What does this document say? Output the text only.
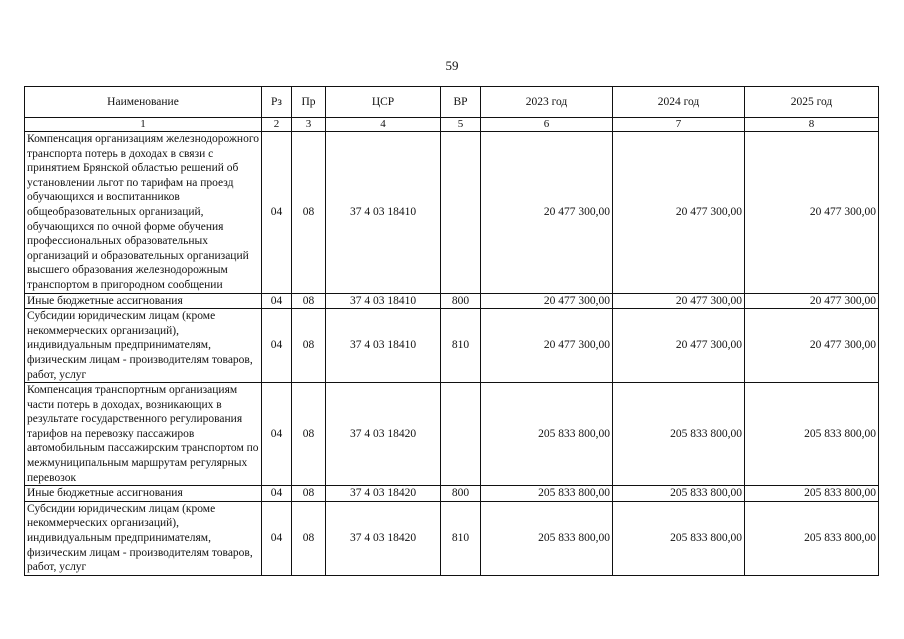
59
Наименование	Рз	Пр	ЦСР	ВР	2023 год	2024 год	2025 год
1	2	3	4	5	6	7	8
Компенсация организациям железнодорожного транспорта потерь в доходах в связи с принятием Брянской областью решений об установлении льгот по тарифам на проезд обучающихся и воспитанников общеобразовательных организаций, обучающихся по очной форме обучения профессиональных образовательных организаций и образовательных организаций высшего образования железнодорожным транспортом в пригородном сообщении	04	08	37 4 03 18410		20 477 300,00	20 477 300,00	20 477 300,00
Иные бюджетные ассигнования	04	08	37 4 03 18410	800	20 477 300,00	20 477 300,00	20 477 300,00
Субсидии юридическим лицам (кроме некоммерческих организаций), индивидуальным предпринимателям, физическим лицам - производителям товаров, работ, услуг	04	08	37 4 03 18410	810	20 477 300,00	20 477 300,00	20 477 300,00
Компенсация транспортным организациям части потерь в доходах, возникающих в результате государственного регулирования тарифов на перевозку пассажиров автомобильным пассажирским транспортом по межмуниципальным маршрутам регулярных перевозок	04	08	37 4 03 18420		205 833 800,00	205 833 800,00	205 833 800,00
Иные бюджетные ассигнования	04	08	37 4 03 18420	800	205 833 800,00	205 833 800,00	205 833 800,00
Субсидии юридическим лицам (кроме некоммерческих организаций), индивидуальным предпринимателям, физическим лицам - производителям товаров, работ, услуг	04	08	37 4 03 18420	810	205 833 800,00	205 833 800,00	205 833 800,00
